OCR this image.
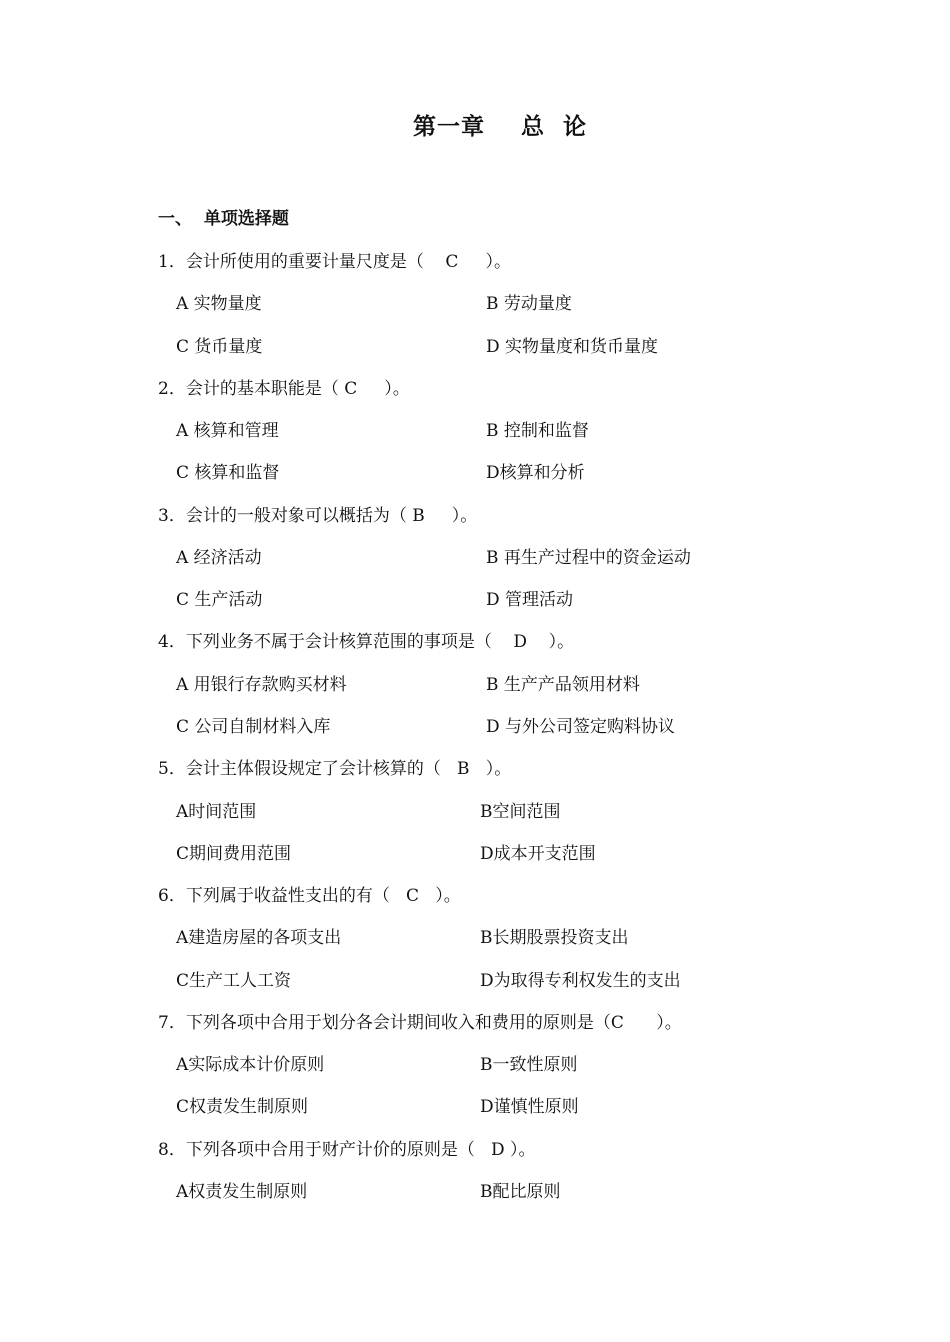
第一章    总  论
一、  单项选择题
1．会计所使用的重要计量尺度是（    C     ）。
A 实物量度	B 劳动量度
C 货币量度	D 实物量度和货币量度
2．会计的基本职能是（ C     ）。
A 核算和管理	B 控制和监督
C 核算和监督	D核算和分析
3．会计的一般对象可以概括为（ B     ）。
A 经济活动	B 再生产过程中的资金运动
C 生产活动	D 管理活动
4．下列业务不属于会计核算范围的事项是（    D    ）。
A 用银行存款购买材料	B 生产产品领用材料
C 公司自制材料入库	D 与外公司签定购料协议
5．会计主体假设规定了会计核算的（   B   ）。
A时间范围	B空间范围
C期间费用范围	D成本开支范围
6．下列属于收益性支出的有（   C   ）。
A建造房屋的各项支出	B长期股票投资支出
C生产工人工资	D为取得专利权发生的支出
7．下列各项中合用于划分各会计期间收入和费用的原则是（C      ）。
A实际成本计价原则	B一致性原则
C权责发生制原则	D谨慎性原则
8．下列各项中合用于财产计价的原则是（   D ）。
A权责发生制原则	B配比原则
